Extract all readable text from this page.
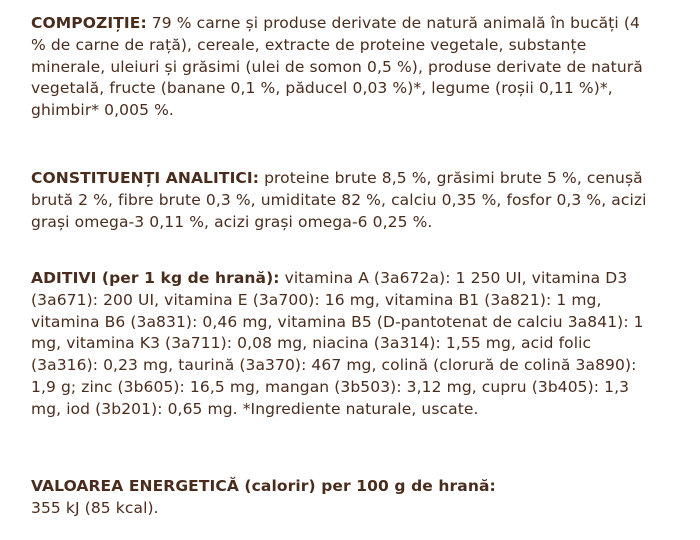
COMPOZIȚIE: 79 % carne și produse derivate de natură animală în bucăți (4 % de carne de rață), cereale, extracte de proteine vegetale, substanțe minerale, uleiuri și grăsimi (ulei de somon 0,5 %), produse derivate de natură vegetală, fructe (banane 0,1 %, păducel 0,03 %)*, legume (roșii 0,11 %)*, ghimbir* 0,005 %.
CONSTITUENȚI ANALITICI: proteine brute 8,5 %, grăsimi brute 5 %, cenușă brută 2 %, fibre brute 0,3 %, umiditate 82 %, calciu 0,35 %, fosfor 0,3 %, acizi grași omega-3 0,11 %, acizi grași omega-6 0,25 %.
ADITIVI (per 1 kg de hrană): vitamina A (3a672a): 1 250 UI, vitamina D3 (3a671): 200 UI, vitamina E (3a700): 16 mg, vitamina B1 (3a821): 1 mg, vitamina B6 (3a831): 0,46 mg, vitamina B5 (D-pantotenat de calciu 3a841): 1 mg, vitamina K3 (3a711): 0,08 mg, niacina (3a314): 1,55 mg, acid folic (3a316): 0,23 mg, taurină (3a370): 467 mg, colină (clorură de colină 3a890): 1,9 g; zinc (3b605): 16,5 mg, mangan (3b503): 3,12 mg, cupru (3b405): 1,3 mg, iod (3b201): 0,65 mg. *Ingrediente naturale, uscate.
VALOAREA ENERGETICĂ (calorir) per 100 g de hrană:
355 kJ (85 kcal).
